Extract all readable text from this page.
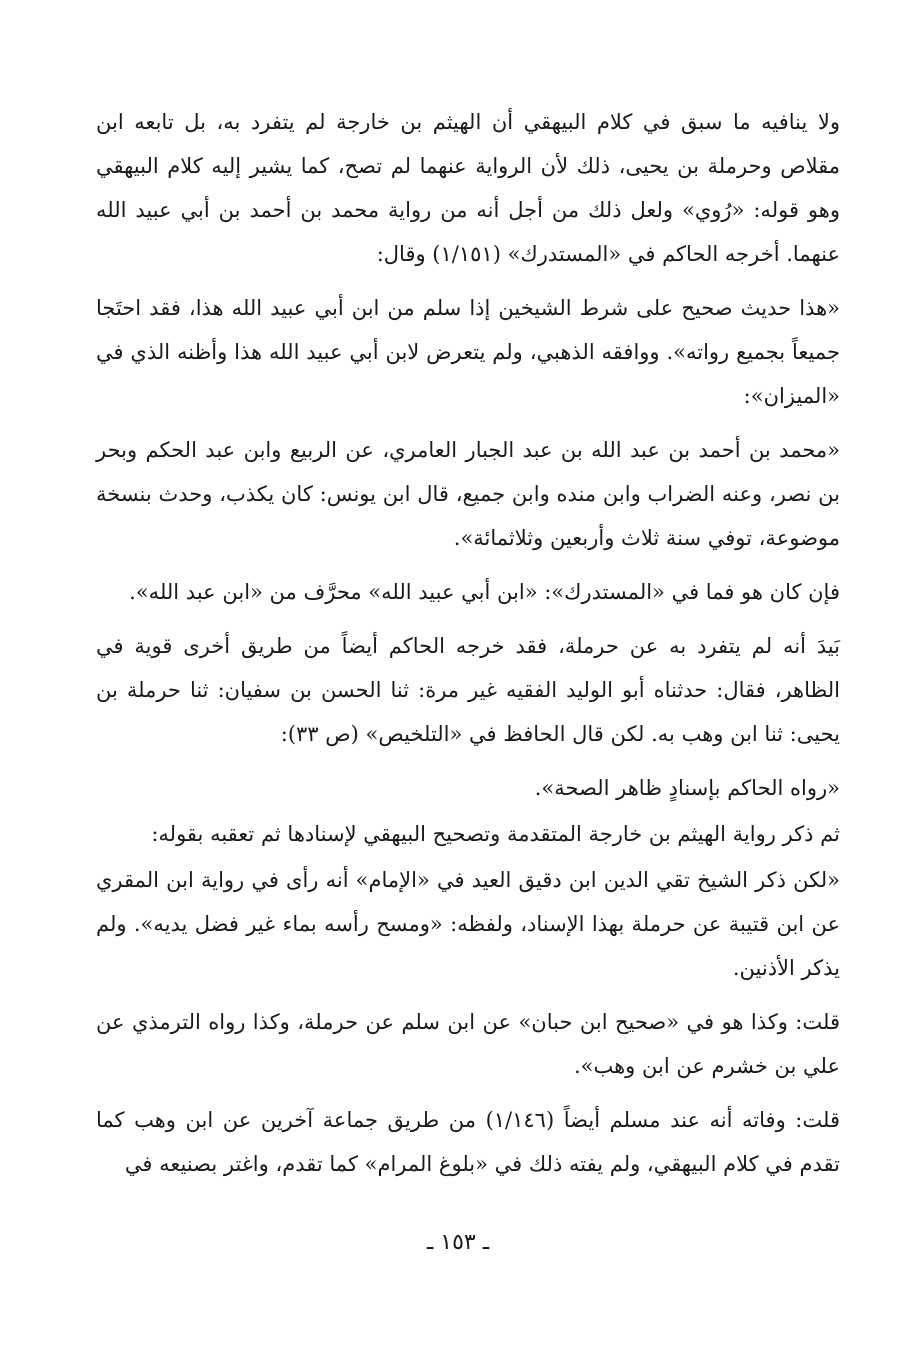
ولا ينافيه ما سبق في كلام البيهقي أن الهيثم بن خارجة لم يتفرد به، بل تابعه ابن مقلاص وحرملة بن يحيى، ذلك لأن الرواية عنهما لم تصح، كما يشير إليه كلام البيهقي وهو قوله: «رُوي» ولعل ذلك من أجل أنه من رواية محمد بن أحمد بن أبي عبيد الله عنهما. أخرجه الحاكم في «المستدرك» (١/١٥١) وقال:

«هذا حديث صحيح على شرط الشيخين إذا سلم من ابن أبي عبيد الله هذا، فقد احتَجا جميعاً بجميع رواته». ووافقه الذهبي، ولم يتعرض لابن أبي عبيد الله هذا وأظنه الذي في «الميزان»:

«محمد بن أحمد بن عبد الله بن عبد الجبار العامري، عن الربيع وابن عبد الحكم وبحر بن نصر، وعنه الضراب وابن منده وابن جميع، قال ابن يونس: كان يكذب، وحدث بنسخة موضوعة، توفي سنة ثلاث وأربعين وثلاثمائة».

فإن كان هو فما في «المستدرك»: «ابن أبي عبيد الله» محرَّف من «ابن عبد الله».

بَيدَ أنه لم يتفرد به عن حرملة، فقد خرجه الحاكم أيضاً من طريق أخرى قوية في الظاهر، فقال: حدثناه أبو الوليد الفقيه غير مرة: ثنا الحسن بن سفيان: ثنا حرملة بن يحيى: ثنا ابن وهب به. لكن قال الحافظ في «التلخيص» (ص ٣٣):

«رواه الحاكم بإسنادٍ ظاهر الصحة».

ثم ذكر رواية الهيثم بن خارجة المتقدمة وتصحيح البيهقي لإسنادها ثم تعقبه بقوله:

«لكن ذكر الشيخ تقي الدين ابن دقيق العيد في «الإمام» أنه رأى في رواية ابن المقري عن ابن قتيبة عن حرملة بهذا الإسناد، ولفظه: «ومسح رأسه بماء غير فضل يديه». ولم يذكر الأذنين.

قلت: وكذا هو في «صحيح ابن حبان» عن ابن سلم عن حرملة، وكذا رواه الترمذي عن علي بن خشرم عن ابن وهب».

قلت: وفاته أنه عند مسلم أيضاً (١/١٤٦) من طريق جماعة آخرين عن ابن وهب كما تقدم في كلام البيهقي، ولم يفته ذلك في «بلوغ المرام» كما تقدم، واغتر بصنيعه في

ـ ١٥٣ ـ
